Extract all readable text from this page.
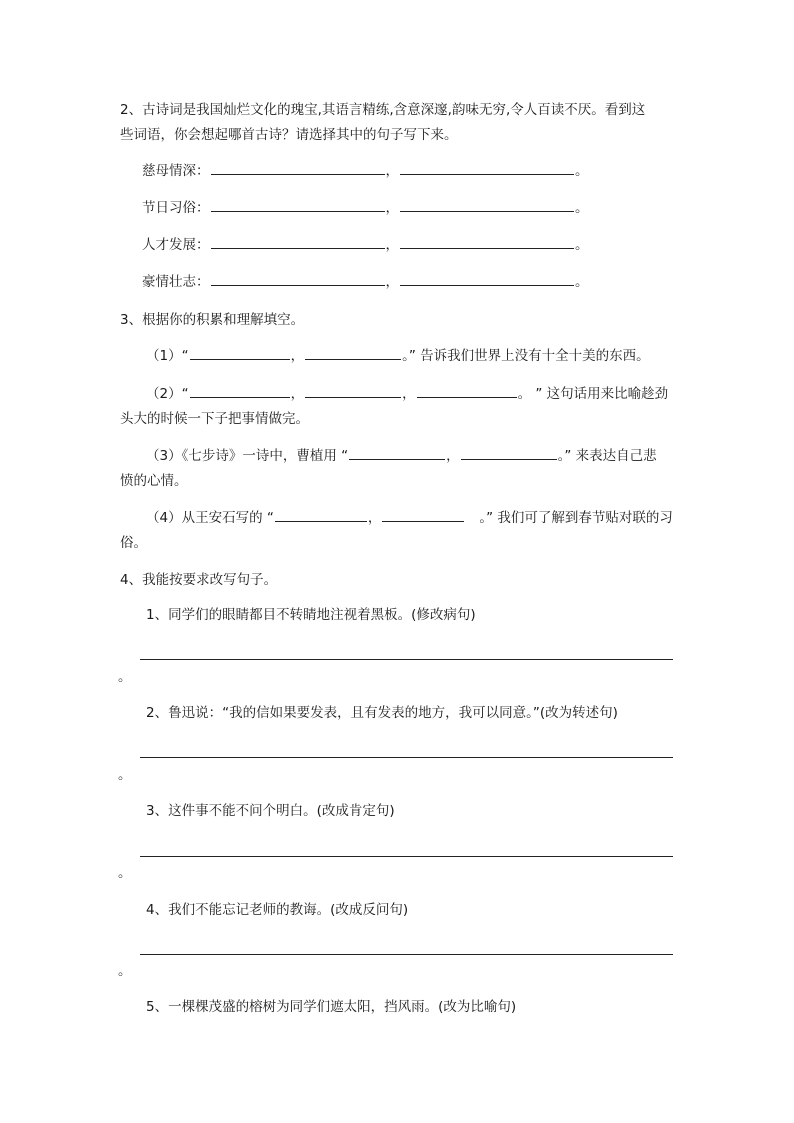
2、古诗词是我国灿烂文化的瑰宝,其语言精练,含意深邃,韵味无穷,令人百读不厌。看到这
些词语，你会想起哪首古诗？请选择其中的句子写下来。
慈母情深：	，	。
节日习俗：	，	。
人才发展：	，	。
豪情壮志：	，	。
3、根据你的积累和理解填空。
（1）“	，	。” 告诉我们世界上没有十全十美的东西。
（2）“	，	，	。 ” 这句话用来比喻趁劲
头大的时候一下子把事情做完。
（3）《七步诗》一诗中，曹植用 “	，	。” 来表达自己悲
愤的心情。
（4）从王安石写的 “	，	。” 我们可了解到春节贴对联的习
俗。
4、我能按要求改写句子。
1、同学们的眼睛都目不转睛地注视着黑板。(修改病句)
。
2、鲁迅说：“我的信如果要发表，且有发表的地方，我可以同意。”(改为转述句)
。
3、这件事不能不问个明白。(改成肯定句)
。
4、我们不能忘记老师的教诲。(改成反问句)
。
5、一棵棵茂盛的榕树为同学们遮太阳，挡风雨。(改为比喻句)
